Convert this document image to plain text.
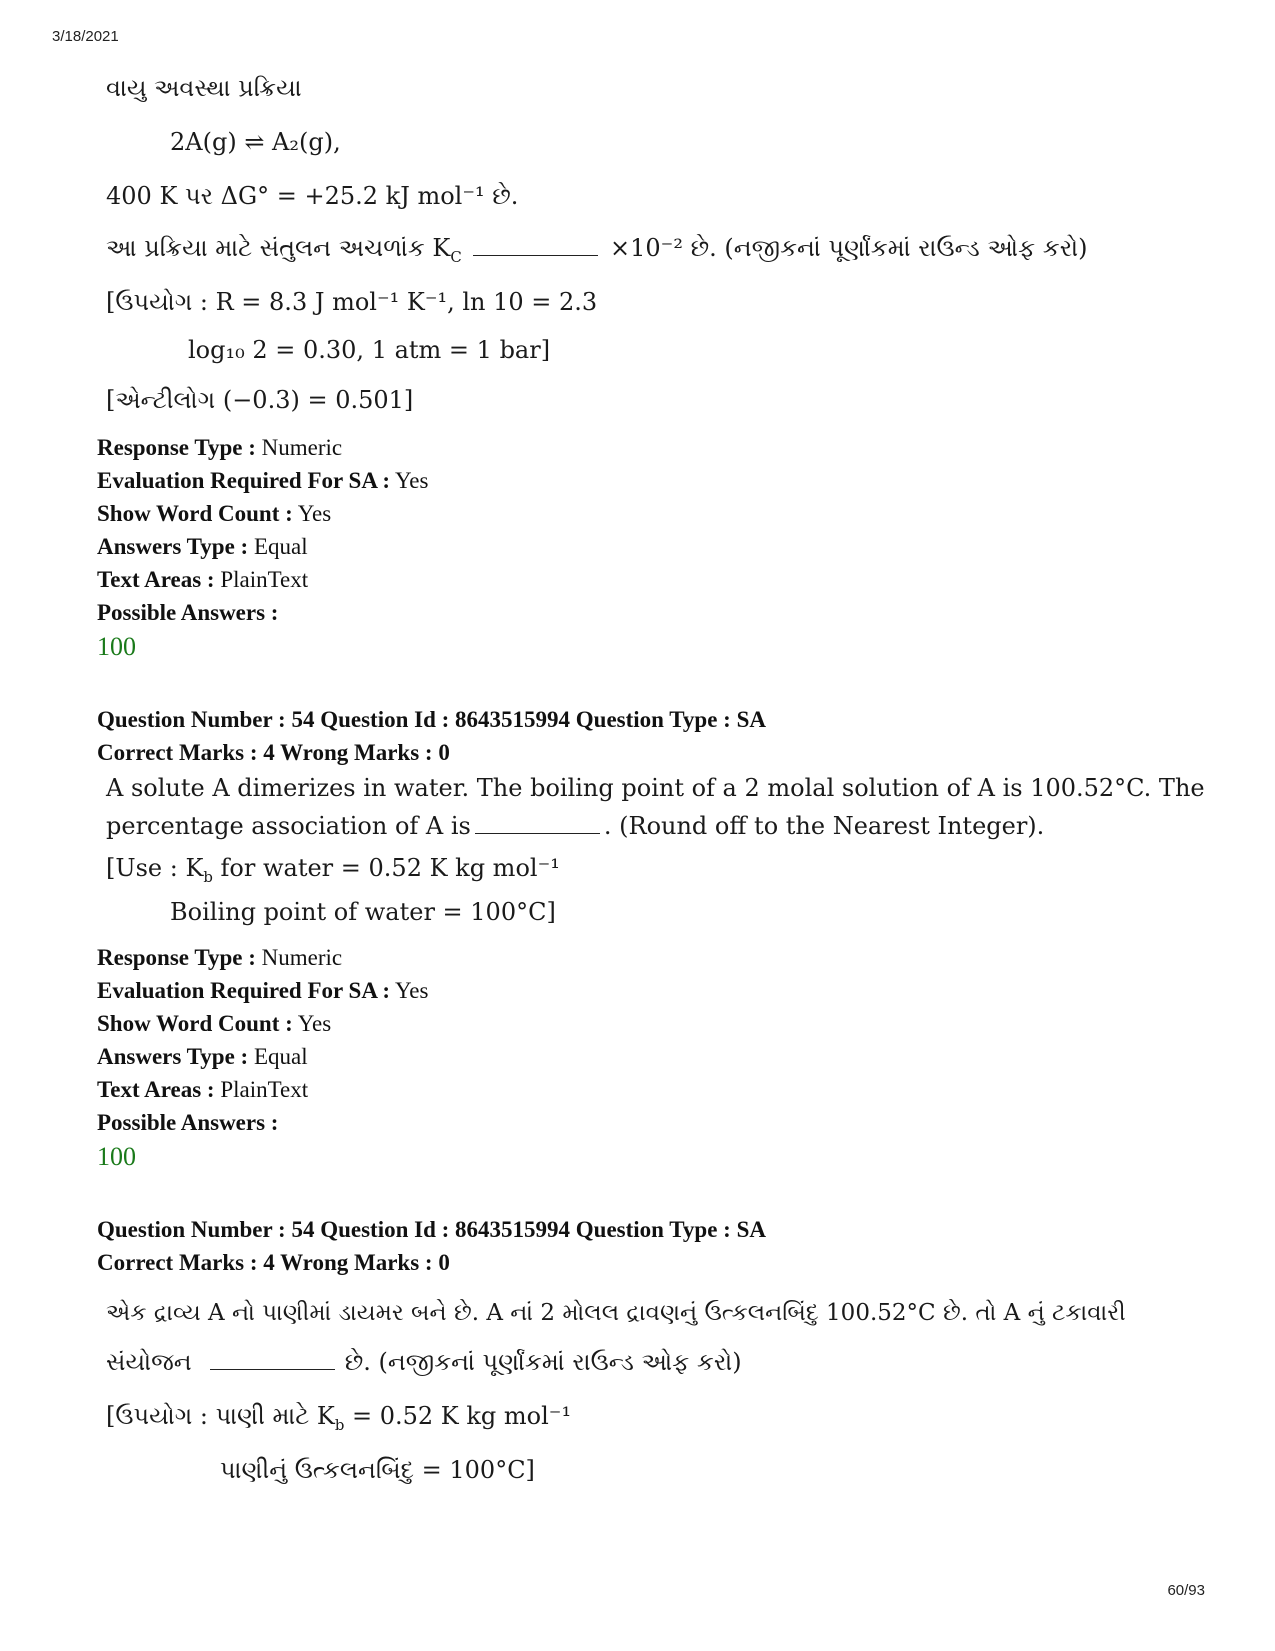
3/18/2021
વાયુ અવસ્થા પ્રક્રિયા
2A(g) ⇌ A₂(g),
400 K પર ΔG° = +25.2 kJ mol⁻¹ છે.
આ પ્રક્રિયા માટે સંતુલન અચળાંક $K_C$	×10⁻² છે. (નજીકનાં પૂર્ણાંકમાં રાઉન્ડ ઓફ કરો)
[ઉપયોગ : R = 8.3 J mol⁻¹ K⁻¹, ln 10 = 2.3
log₁₀ 2 = 0.30, 1 atm = 1 bar]
[એન્ટીલોગ (−0.3) = 0.501]
Response Type : Numeric
Evaluation Required For SA : Yes
Show Word Count : Yes
Answers Type : Equal
Text Areas : PlainText
Possible Answers :
100
Question Number : 54 Question Id : 8643515994 Question Type : SA
Correct Marks : 4 Wrong Marks : 0
A solute A dimerizes in water. The boiling point of a 2 molal solution of A is 100.52°C. The
percentage association of A is	. (Round off to the Nearest Integer).
[Use : $K_b$ for water = 0.52 K kg mol⁻¹
Boiling point of water = 100°C]
Response Type : Numeric
Evaluation Required For SA : Yes
Show Word Count : Yes
Answers Type : Equal
Text Areas : PlainText
Possible Answers :
100
Question Number : 54 Question Id : 8643515994 Question Type : SA
Correct Marks : 4 Wrong Marks : 0
એક દ્રાવ્ય A નો પાણીમાં ડાયમર બને છે. A નાં 2 મોલલ દ્રાવણનું ઉત્કલનબિંદુ 100.52°C છે. તો A નું ટકાવારી
સંયોજન	છે. (નજીકનાં પૂર્ણાંકમાં રાઉન્ડ ઓફ કરો)
[ઉપયોગ : પાણી માટે $K_b = 0.52$ K kg mol⁻¹
પાણીનું ઉત્કલનબિંદુ = 100°C]
60/93
